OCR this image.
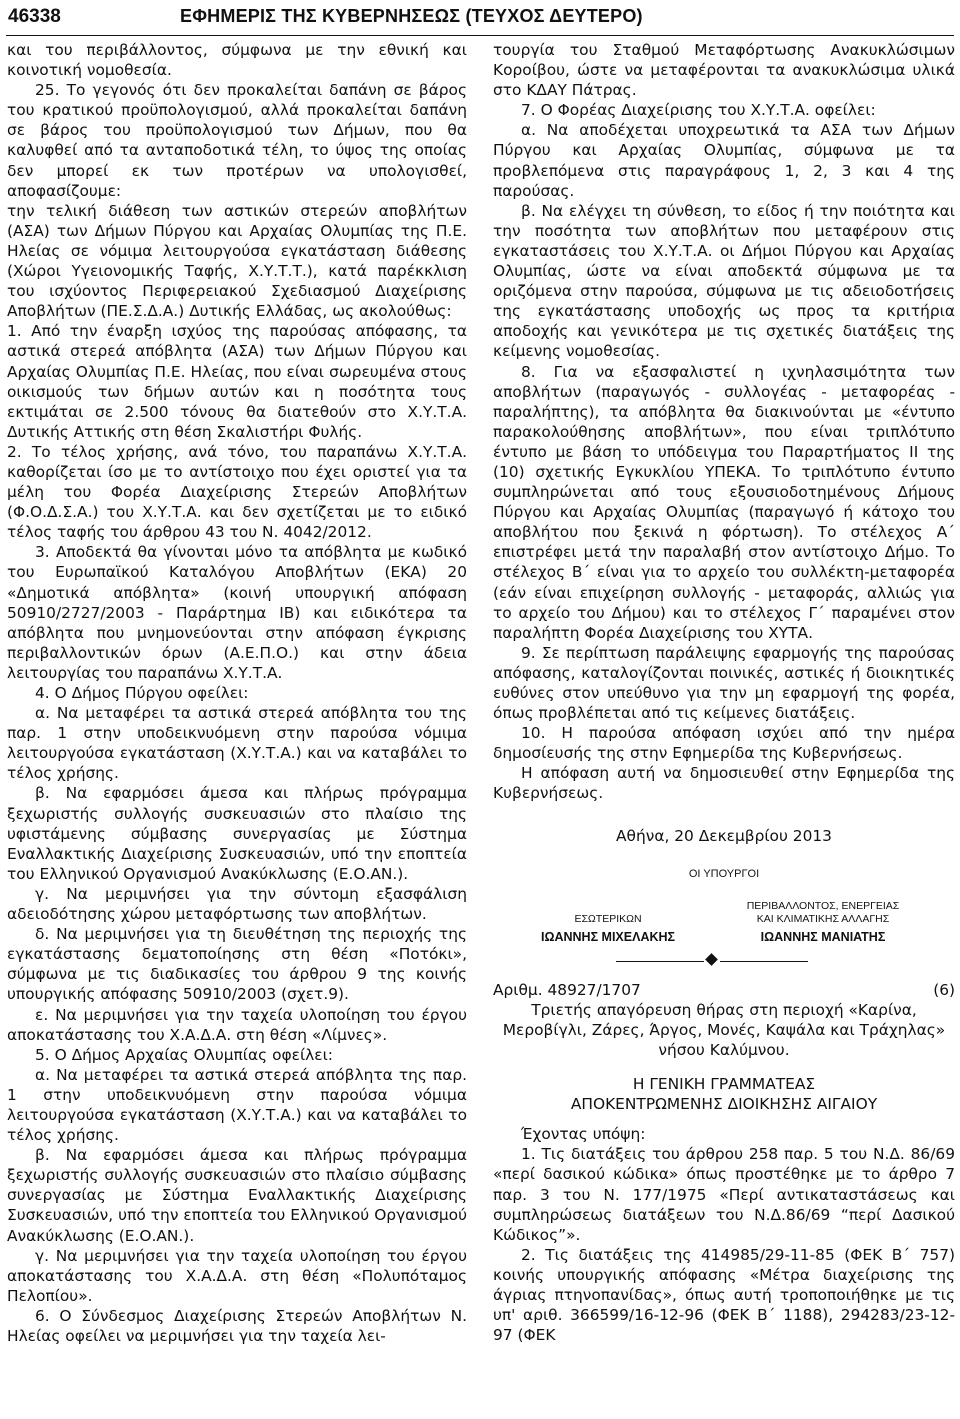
46338	ΕΦΗΜΕΡΙΣ ΤΗΣ ΚΥΒΕΡΝΗΣΕΩΣ (ΤΕΥΧΟΣ ΔΕΥΤΕΡΟ)

και του περιβάλλοντος, σύμφωνα με την εθνική και κοινοτική νομοθεσία.

25. Το γεγονός ότι δεν προκαλείται δαπάνη σε βάρος του κρατικού προϋπολογισμού, αλλά προκαλείται δαπάνη σε βάρος του προϋπολογισμού των Δήμων, που θα καλυφθεί από τα ανταποδοτικά τέλη, το ύψος της οποίας δεν μπορεί εκ των προτέρων να υπολογισθεί, αποφασίζουμε:

την τελική διάθεση των αστικών στερεών αποβλήτων (ΑΣΑ) των Δήμων Πύργου και Αρχαίας Ολυμπίας της Π.Ε. Ηλείας σε νόμιμα λειτουργούσα εγκατάσταση διάθεσης (Χώροι Υγειονομικής Ταφής, Χ.Υ.Τ.Τ.), κατά παρέκκλιση του ισχύοντος Περιφερειακού Σχεδιασμού Διαχείρισης Αποβλήτων (ΠΕ.Σ.Δ.Α.) Δυτικής Ελλάδας, ως ακολούθως:

1. Από την έναρξη ισχύος της παρούσας απόφασης, τα αστικά στερεά απόβλητα (ΑΣΑ) των Δήμων Πύργου και Αρχαίας Ολυμπίας Π.Ε. Ηλείας, που είναι σωρευμένα στους οικισμούς των δήμων αυτών και η ποσότητα τους εκτιμάται σε 2.500 τόνους θα διατεθούν στο Χ.Υ.Τ.Α. Δυτικής Αττικής στη θέση Σκαλιστήρι Φυλής.

2. Το τέλος χρήσης, ανά τόνο, του παραπάνω Χ.Υ.Τ.Α. καθορίζεται ίσο με το αντίστοιχο που έχει οριστεί για τα μέλη του Φορέα Διαχείρισης Στερεών Αποβλήτων (Φ.Ο.Δ.Σ.Α.) του Χ.Υ.Τ.Α. και δεν σχετίζεται με το ειδικό τέλος ταφής του άρθρου 43 του Ν. 4042/2012.

3. Αποδεκτά θα γίνονται μόνο τα απόβλητα με κωδικό του Ευρωπαϊκού Καταλόγου Αποβλήτων (ΕΚΑ) 20 «Δημοτικά απόβλητα» (κοινή υπουργική απόφαση 50910/2727/2003 - Παράρτημα ΙΒ) και ειδικότερα τα απόβλητα που μνημονεύονται στην απόφαση έγκρισης περιβαλλοντικών όρων (Α.Ε.Π.Ο.) και στην άδεια λειτουργίας του παραπάνω Χ.Υ.Τ.Α.

4. Ο Δήμος Πύργου οφείλει:

α. Να μεταφέρει τα αστικά στερεά απόβλητα του της παρ. 1 στην υποδεικνυόμενη στην παρούσα νόμιμα λειτουργούσα εγκατάσταση (Χ.Υ.Τ.Α.) και να καταβάλει το τέλος χρήσης.

β. Να εφαρμόσει άμεσα και πλήρως πρόγραμμα ξεχωριστής συλλογής συσκευασιών στο πλαίσιο της υφιστάμενης σύμβασης συνεργασίας με Σύστημα Εναλλακτικής Διαχείρισης Συσκευασιών, υπό την εποπτεία του Ελληνικού Οργανισμού Ανακύκλωσης (Ε.Ο.ΑΝ.).

γ. Να μεριμνήσει για την σύντομη εξασφάλιση αδειοδότησης χώρου μεταφόρτωσης των αποβλήτων.

δ. Να μεριμνήσει για τη διευθέτηση της περιοχής της εγκατάστασης δεματοποίησης στη θέση «Ποτόκι», σύμφωνα με τις διαδικασίες του άρθρου 9 της κοινής υπουργικής απόφασης 50910/2003 (σχετ.9).

ε. Να μεριμνήσει για την ταχεία υλοποίηση του έργου αποκατάστασης του Χ.Α.Δ.Α. στη θέση «Λίμνες».

5. Ο Δήμος Αρχαίας Ολυμπίας οφείλει:

α. Να μεταφέρει τα αστικά στερεά απόβλητα της παρ. 1 στην υποδεικνυόμενη στην παρούσα νόμιμα λειτουργούσα εγκατάσταση (Χ.Υ.Τ.Α.) και να καταβάλει το τέλος χρήσης.

β. Να εφαρμόσει άμεσα και πλήρως πρόγραμμα ξεχωριστής συλλογής συσκευασιών στο πλαίσιο σύμβασης συνεργασίας με Σύστημα Εναλλακτικής Διαχείρισης Συσκευασιών, υπό την εποπτεία του Ελληνικού Οργανισμού Ανακύκλωσης (Ε.Ο.ΑΝ.).

γ. Να μεριμνήσει για την ταχεία υλοποίηση του έργου αποκατάστασης του Χ.Α.Δ.Α. στη θέση «Πολυπόταμος Πελοπίου».

6. Ο Σύνδεσμος Διαχείρισης Στερεών Αποβλήτων Ν. Ηλείας οφείλει να μεριμνήσει για την ταχεία λει-

τουργία του Σταθμού Μεταφόρτωσης Ανακυκλώσιμων Κοροίβου, ώστε να μεταφέρονται τα ανακυκλώσιμα υλικά στο ΚΔΑΥ Πάτρας.

7. Ο Φορέας Διαχείρισης του Χ.Υ.Τ.Α. οφείλει:

α. Να αποδέχεται υποχρεωτικά τα ΑΣΑ των Δήμων Πύργου και Αρχαίας Ολυμπίας, σύμφωνα με τα προβλεπόμενα στις παραγράφους 1, 2, 3 και 4 της παρούσας.

β. Να ελέγχει τη σύνθεση, το είδος ή την ποιότητα και την ποσότητα των αποβλήτων που μεταφέρουν στις εγκαταστάσεις του Χ.Υ.Τ.Α. οι Δήμοι Πύργου και Αρχαίας Ολυμπίας, ώστε να είναι αποδεκτά σύμφωνα με τα οριζόμενα στην παρούσα, σύμφωνα με τις αδειοδοτήσεις της εγκατάστασης υποδοχής ως προς τα κριτήρια αποδοχής και γενικότερα με τις σχετικές διατάξεις της κείμενης νομοθεσίας.

8. Για να εξασφαλιστεί η ιχνηλασιμότητα των αποβλήτων (παραγωγός - συλλογέας - μεταφορέας - παραλήπτης), τα απόβλητα θα διακινούνται με «έντυπο παρακολούθησης αποβλήτων», που είναι τριπλότυπο έντυπο με βάση το υπόδειγμα του Παραρτήματος ΙΙ της (10) σχετικής Εγκυκλίου ΥΠΕΚΑ. Το τριπλότυπο έντυπο συμπληρώνεται από τους εξουσιοδοτημένους Δήμους Πύργου και Αρχαίας Ολυμπίας (παραγωγό ή κάτοχο του αποβλήτου που ξεκινά η φόρτωση). Το στέλεχος Α΄ επιστρέφει μετά την παραλαβή στον αντίστοιχο Δήμο. Το στέλεχος Β΄ είναι για το αρχείο του συλλέκτη-μεταφορέα (εάν είναι επιχείρηση συλλογής - μεταφοράς, αλλιώς για το αρχείο του Δήμου) και το στέλεχος Γ΄ παραμένει στον παραλήπτη Φορέα Διαχείρισης του ΧΥΤΑ.

9. Σε περίπτωση παράλειψης εφαρμογής της παρούσας απόφασης, καταλογίζονται ποινικές, αστικές ή διοικητικές ευθύνες στον υπεύθυνο για την μη εφαρμογή της φορέα, όπως προβλέπεται από τις κείμενες διατάξεις.

10. Η παρούσα απόφαση ισχύει από την ημέρα δημοσίευσής της στην Εφημερίδα της Κυβερνήσεως.

Η απόφαση αυτή να δημοσιευθεί στην Εφημερίδα της Κυβερνήσεως.

Αθήνα, 20 Δεκεμβρίου 2013

ΟΙ ΥΠΟΥΡΓΟΙ

ΕΣΩΤΕΡΙΚΩΝ
ΙΩΑΝΝΗΣ ΜΙΧΕΛΑΚΗΣ
ΠΕΡΙΒΑΛΛΟΝΤΟΣ, ΕΝΕΡΓΕΙΑΣ
ΚΑΙ ΚΛΙΜΑΤΙΚΗΣ ΑΛΛΑΓΗΣ
ΙΩΑΝΝΗΣ ΜΑΝΙΑΤΗΣ
Αριθμ. 48927/1707	(6)

Τριετής απαγόρευση θήρας στη περιοχή «Καρίνα, Μεροβίγλι, Ζάρες, Άργος, Μονές, Καψάλα και Τράχηλας» νήσου Καλύμνου.

Η ΓΕΝΙΚΗ ΓΡΑΜΜΑΤΕΑΣ

ΑΠΟΚΕΝΤΡΩΜΕΝΗΣ ΔΙΟΙΚΗΣΗΣ ΑΙΓΑΙΟΥ

Έχοντας υπόψη:

1. Τις διατάξεις του άρθρου 258 παρ. 5 του Ν.Δ. 86/69 «περί δασικού κώδικα» όπως προστέθηκε με το άρθρο 7 παρ. 3 του Ν. 177/1975 «Περί αντικαταστάσεως και συμπληρώσεως διατάξεων του Ν.Δ.86/69 “περί Δασικού Κώδικος”».

2. Τις διατάξεις της 414985/29-11-85 (ΦΕΚ Β΄ 757) κοινής υπουργικής απόφασης «Μέτρα διαχείρισης της άγριας πτηνοπανίδας», όπως αυτή τροποποιήθηκε με τις υπ' αριθ. 366599/16-12-96 (ΦΕΚ Β΄ 1188), 294283/23-12-97 (ΦΕΚ
